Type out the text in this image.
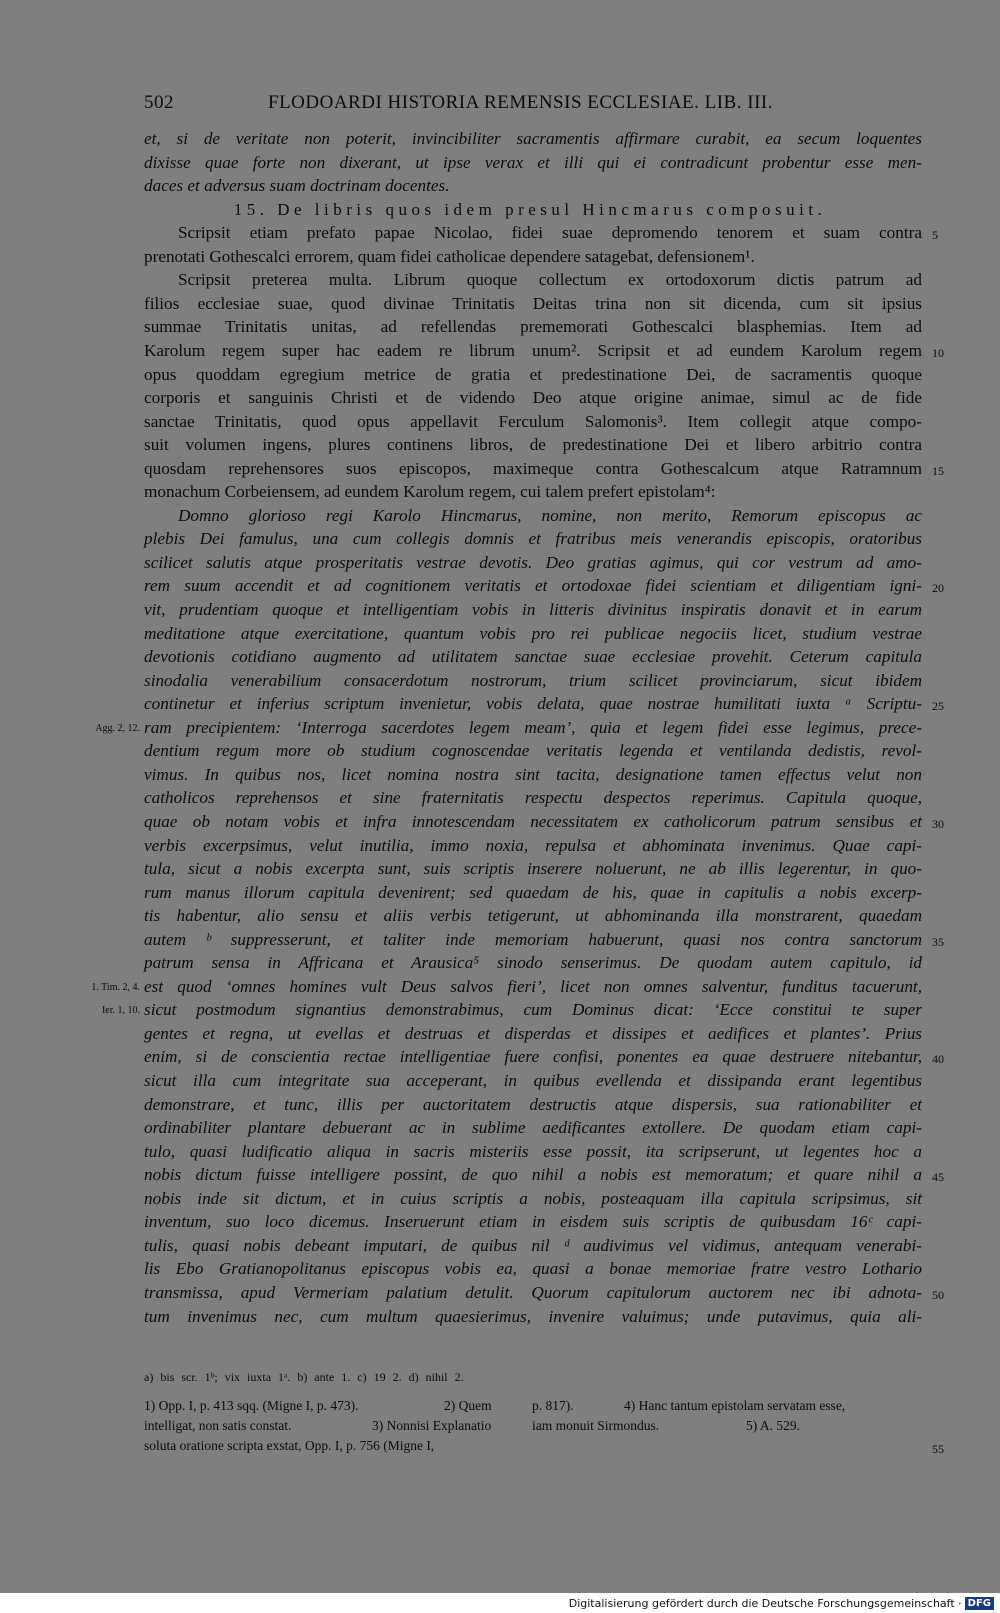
502	FLODOARDI HISTORIA REMENSIS ECCLESIAE. LIB. III.
et, si de veritate non poterit, invincibiliter sacramentis affirmare curabit, ea secum loquentes
dixisse quae forte non dixerant, ut ipse verax et illi qui ei contradicunt probentur esse men-
daces et adversus suam doctrinam docentes.
15. De libris quos idem presul Hincmarus composuit.
Scripsit etiam prefato papae Nicolao, fidei suae depromendo tenorem et suam contra
prenotati Gothescalci errorem, quam fidei catholicae dependere satagebat, defensionem¹.
Scripsit preterea multa. Librum quoque collectum ex ortodoxorum dictis patrum ad
filios ecclesiae suae, quod divinae Trinitatis Deitas trina non sit dicenda, cum sit ipsius
summae Trinitatis unitas, ad refellendas prememorati Gothescalci blasphemias. Item ad
Karolum regem super hac eadem re librum unum². Scripsit et ad eundem Karolum regem
opus quoddam egregium metrice de gratia et predestinatione Dei, de sacramentis quoque
corporis et sanguinis Christi et de videndo Deo atque origine animae, simul ac de fide
sanctae Trinitatis, quod opus appellavit Ferculum Salomonis³. Item collegit atque compo-
suit volumen ingens, plures continens libros, de predestinatione Dei et libero arbitrio contra
quosdam reprehensores suos episcopos, maximeque contra Gothescalcum atque Ratramnum
monachum Corbeiensem, ad eundem Karolum regem, cui talem prefert epistolam⁴:
Domno glorioso regi Karolo Hincmarus, nomine, non merito, Remorum episcopus ac
plebis Dei famulus, una cum collegis domnis et fratribus meis venerandis episcopis, oratoribus
scilicet salutis atque prosperitatis vestrae devotis. Deo gratias agimus, qui cor vestrum ad amo-
rem suum accendit et ad cognitionem veritatis et ortodoxae fidei scientiam et diligentiam igni-
vit, prudentiam quoque et intelligentiam vobis in litteris divinitus inspiratis donavit et in earum
meditatione atque exercitatione, quantum vobis pro rei publicae negociis licet, studium vestrae
devotionis cotidiano augmento ad utilitatem sanctae suae ecclesiae provehit. Ceterum capitula
sinodalia venerabilium consacerdotum nostrorum, trium scilicet provinciarum, sicut ibidem
continetur et inferius scriptum invenietur, vobis delata, quae nostrae humilitati iuxta ᵃ Scriptu-
ram precipientem: ‘Interroga sacerdotes legem meam’, quia et legem fidei esse legimus, prece-
dentium regum more ob studium cognoscendae veritatis legenda et ventilanda dedistis, revol-
vimus. In quibus nos, licet nomina nostra sint tacita, designatione tamen effectus velut non
catholicos reprehensos et sine fraternitatis respectu despectos reperimus. Capitula quoque,
quae ob notam vobis et infra innotescendam necessitatem ex catholicorum patrum sensibus et
verbis excerpsimus, velut inutilia, immo noxia, repulsa et abhominata invenimus. Quae capi-
tula, sicut a nobis excerpta sunt, suis scriptis inserere noluerunt, ne ab illis legerentur, in quo-
rum manus illorum capitula devenirent; sed quaedam de his, quae in capitulis a nobis excerp-
tis habentur, alio sensu et aliis verbis tetigerunt, ut abhominanda illa monstrarent, quaedam
autem ᵇ suppresserunt, et taliter inde memoriam habuerunt, quasi nos contra sanctorum
patrum sensa in Affricana et Arausica⁵ sinodo senserimus. De quodam autem capitulo, id
est quod ‘omnes homines vult Deus salvos fieri’, licet non omnes salventur, funditus tacuerunt,
sicut postmodum signantius demonstrabimus, cum Dominus dicat: ‘Ecce constitui te super
gentes et regna, ut evellas et destruas et disperdas et dissipes et aedifices et plantes’. Prius
enim, si de conscientia rectae intelligentiae fuere confisi, ponentes ea quae destruere nitebantur,
sicut illa cum integritate sua acceperant, in quibus evellenda et dissipanda erant legentibus
demonstrare, et tunc, illis per auctoritatem destructis atque dispersis, sua rationabiliter et
ordinabiliter plantare debuerant ac in sublime aedificantes extollere. De quodam etiam capi-
tulo, quasi ludificatio aliqua in sacris misteriis esse possit, ita scripserunt, ut legentes hoc a
nobis dictum fuisse intelligere possint, de quo nihil a nobis est memoratum; et quare nihil a
nobis inde sit dictum, et in cuius scriptis a nobis, posteaquam illa capitula scripsimus, sit
inventum, suo loco dicemus. Inseruerunt etiam in eisdem suis scriptis de quibusdam 16ᶜ capi-
tulis, quasi nobis debeant imputari, de quibus nil ᵈ audivimus vel vidimus, antequam venerabi-
lis Ebo Gratianopolitanus episcopus vobis ea, quasi a bonae memoriae fratre vestro Lothario
transmissa, apud Vermeriam palatium detulit. Quorum capitulorum auctorem nec ibi adnota-
tum invenimus nec, cum multum quaesierimus, invenire valuimus; unde putavimus, quia ali-
5
10
15
20
25
30
35
40
45
50
Agg. 2, 12.
1. Tim. 2, 4.
Ier. 1, 10.
a) bis scr. 1ᵇ; vix iuxta 1ᵃ. b) ante 1. c) 19 2. d) nihil 2.
1) Opp. I, p. 413 sqq. (Migne I, p. 473).
intelligat, non satis constat.
soluta oratione scripta exstat, Opp. I, p. 756 (Migne I,
2) Quem
3) Nonnisi Explanatio
p. 817).
iam monuit Sirmondus.
4) Hanc tantum epistolam servatam esse,
5) A. 529.
55
Digitalisierung gefördert durch die Deutsche Forschungsgemeinschaft · DFG
